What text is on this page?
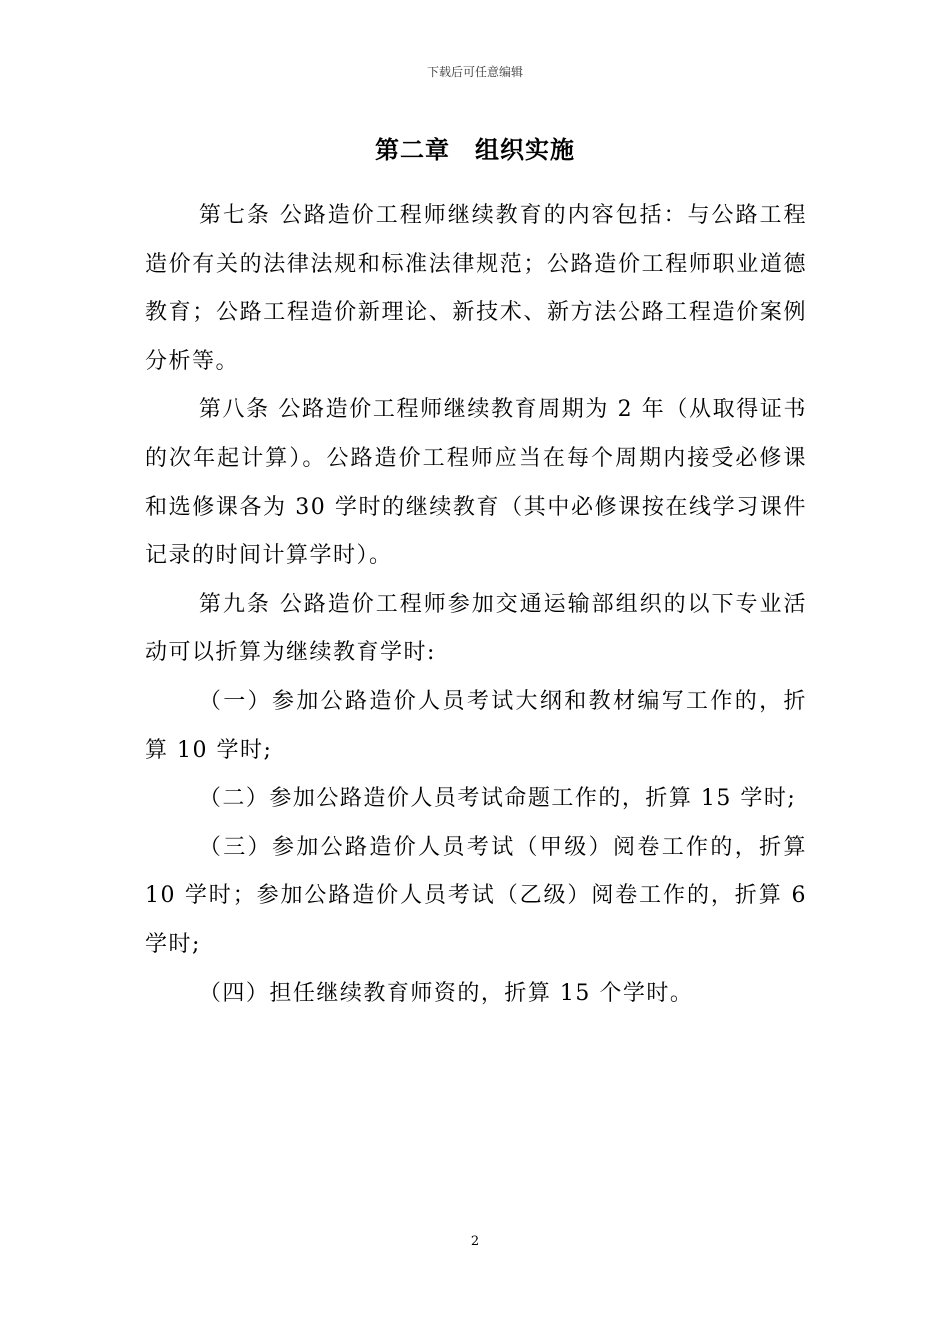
下载后可任意编辑
第二章　组织实施

第七条 公路造价工程师继续教育的内容包括：与公路工程造价有关的法律法规和标准法律规范；公路造价工程师职业道德教育；公路工程造价新理论、新技术、新方法公路工程造价案例分析等。

第八条 公路造价工程师继续教育周期为 2 年（从取得证书的次年起计算）。公路造价工程师应当在每个周期内接受必修课和选修课各为 30 学时的继续教育（其中必修课按在线学习课件记录的时间计算学时）。

第九条 公路造价工程师参加交通运输部组织的以下专业活动可以折算为继续教育学时:

（一）参加公路造价人员考试大纲和教材编写工作的，折算 10 学时;

（二）参加公路造价人员考试命题工作的，折算 15 学时;

（三）参加公路造价人员考试（甲级）阅卷工作的，折算 10 学时；参加公路造价人员考试（乙级）阅卷工作的，折算 6 学时;

（四）担任继续教育师资的，折算 15 个学时。

2
